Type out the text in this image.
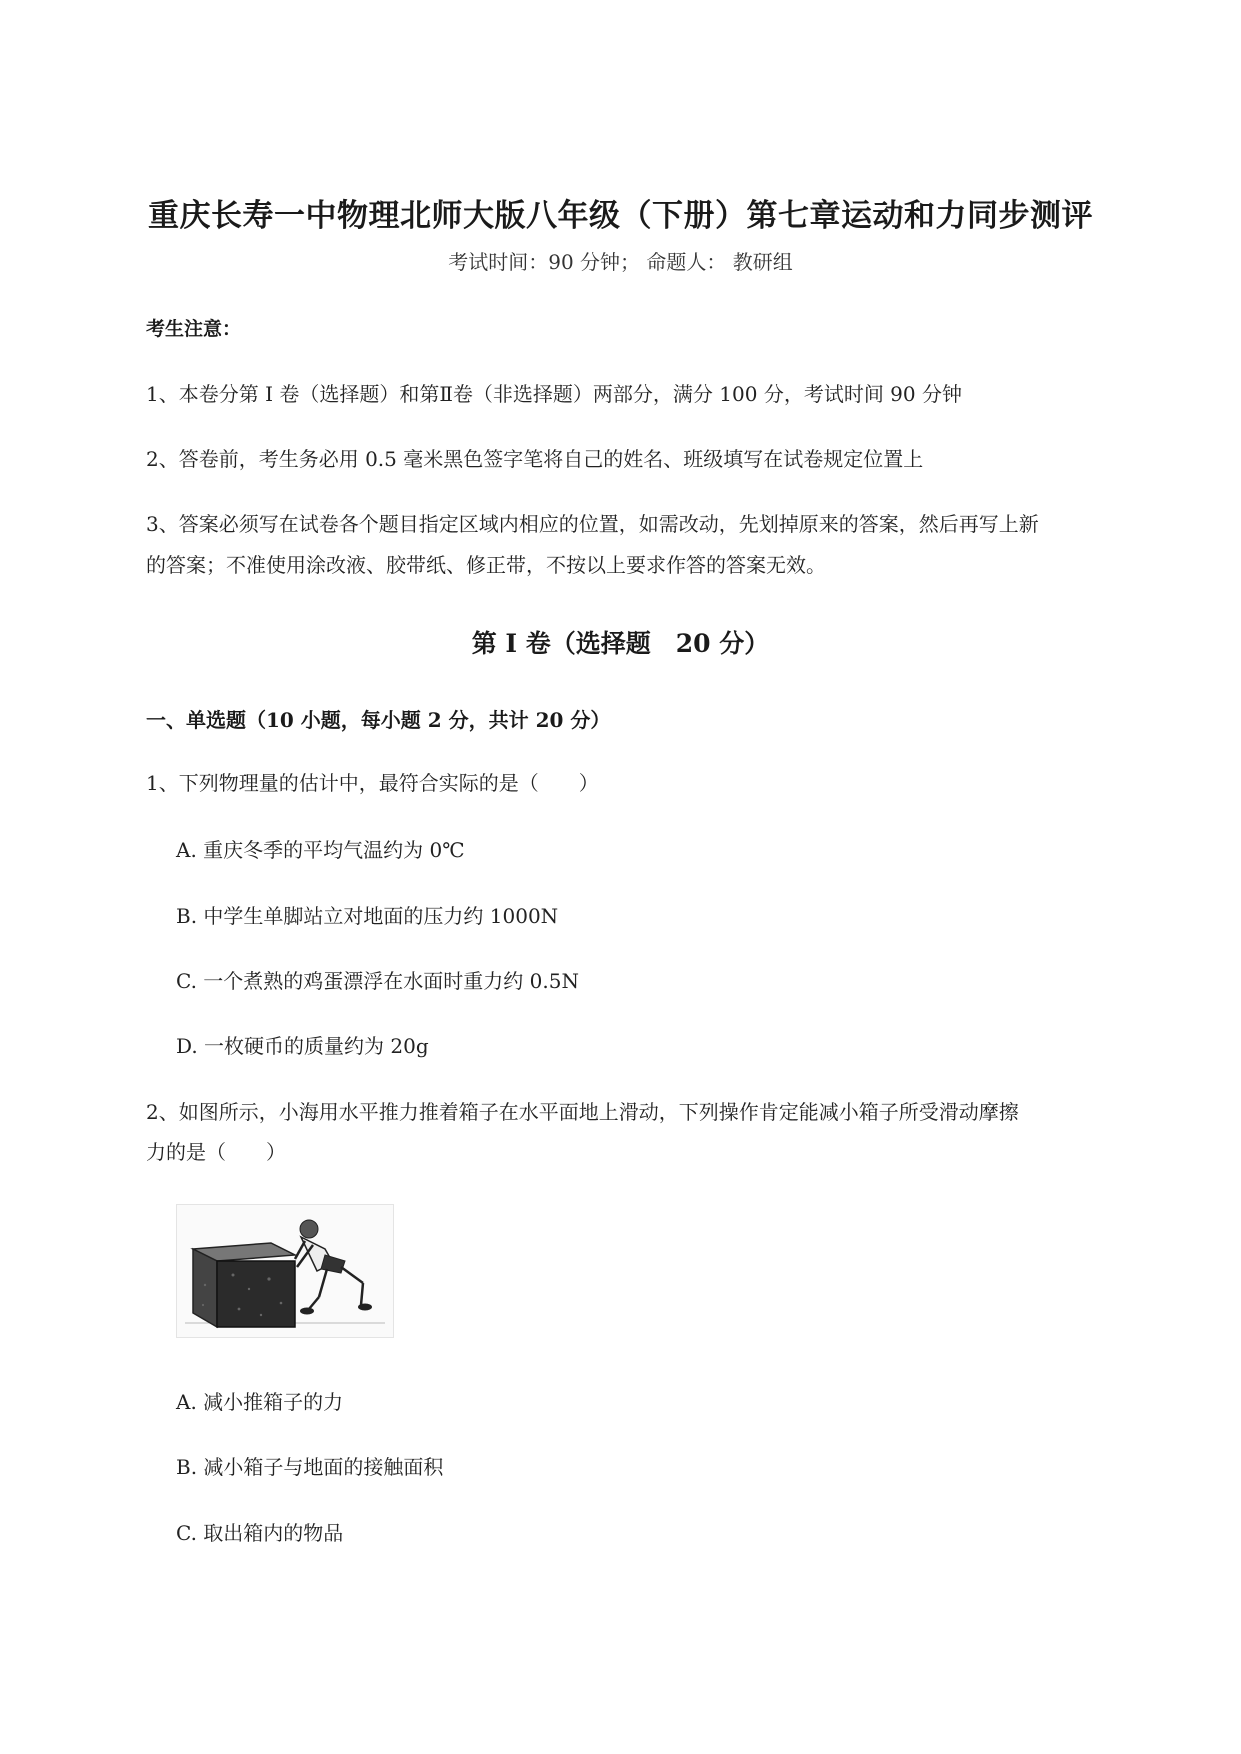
重庆长寿一中物理北师大版八年级（下册）第七章运动和力同步测评
考试时间：90 分钟； 命题人： 教研组
考生注意：
1、本卷分第 I 卷（选择题）和第Ⅱ卷（非选择题）两部分，满分 100 分，考试时间 90 分钟
2、答卷前，考生务必用 0.5 毫米黑色签字笔将自己的姓名、班级填写在试卷规定位置上
3、答案必须写在试卷各个题目指定区域内相应的位置，如需改动，先划掉原来的答案，然后再写上新
的答案；不准使用涂改液、胶带纸、修正带，不按以上要求作答的答案无效。
第 I 卷（选择题　20 分）
一、单选题（10 小题，每小题 2 分，共计 20 分）
1、下列物理量的估计中，最符合实际的是（　　）
A. 重庆冬季的平均气温约为 0℃
B. 中学生单脚站立对地面的压力约 1000N
C. 一个煮熟的鸡蛋漂浮在水面时重力约 0.5N
D. 一枚硬币的质量约为 20g
2、如图所示，小海用水平推力推着箱子在水平面地上滑动，下列操作肯定能减小箱子所受滑动摩擦
力的是（　　）
A. 减小推箱子的力
B. 减小箱子与地面的接触面积
C. 取出箱内的物品
